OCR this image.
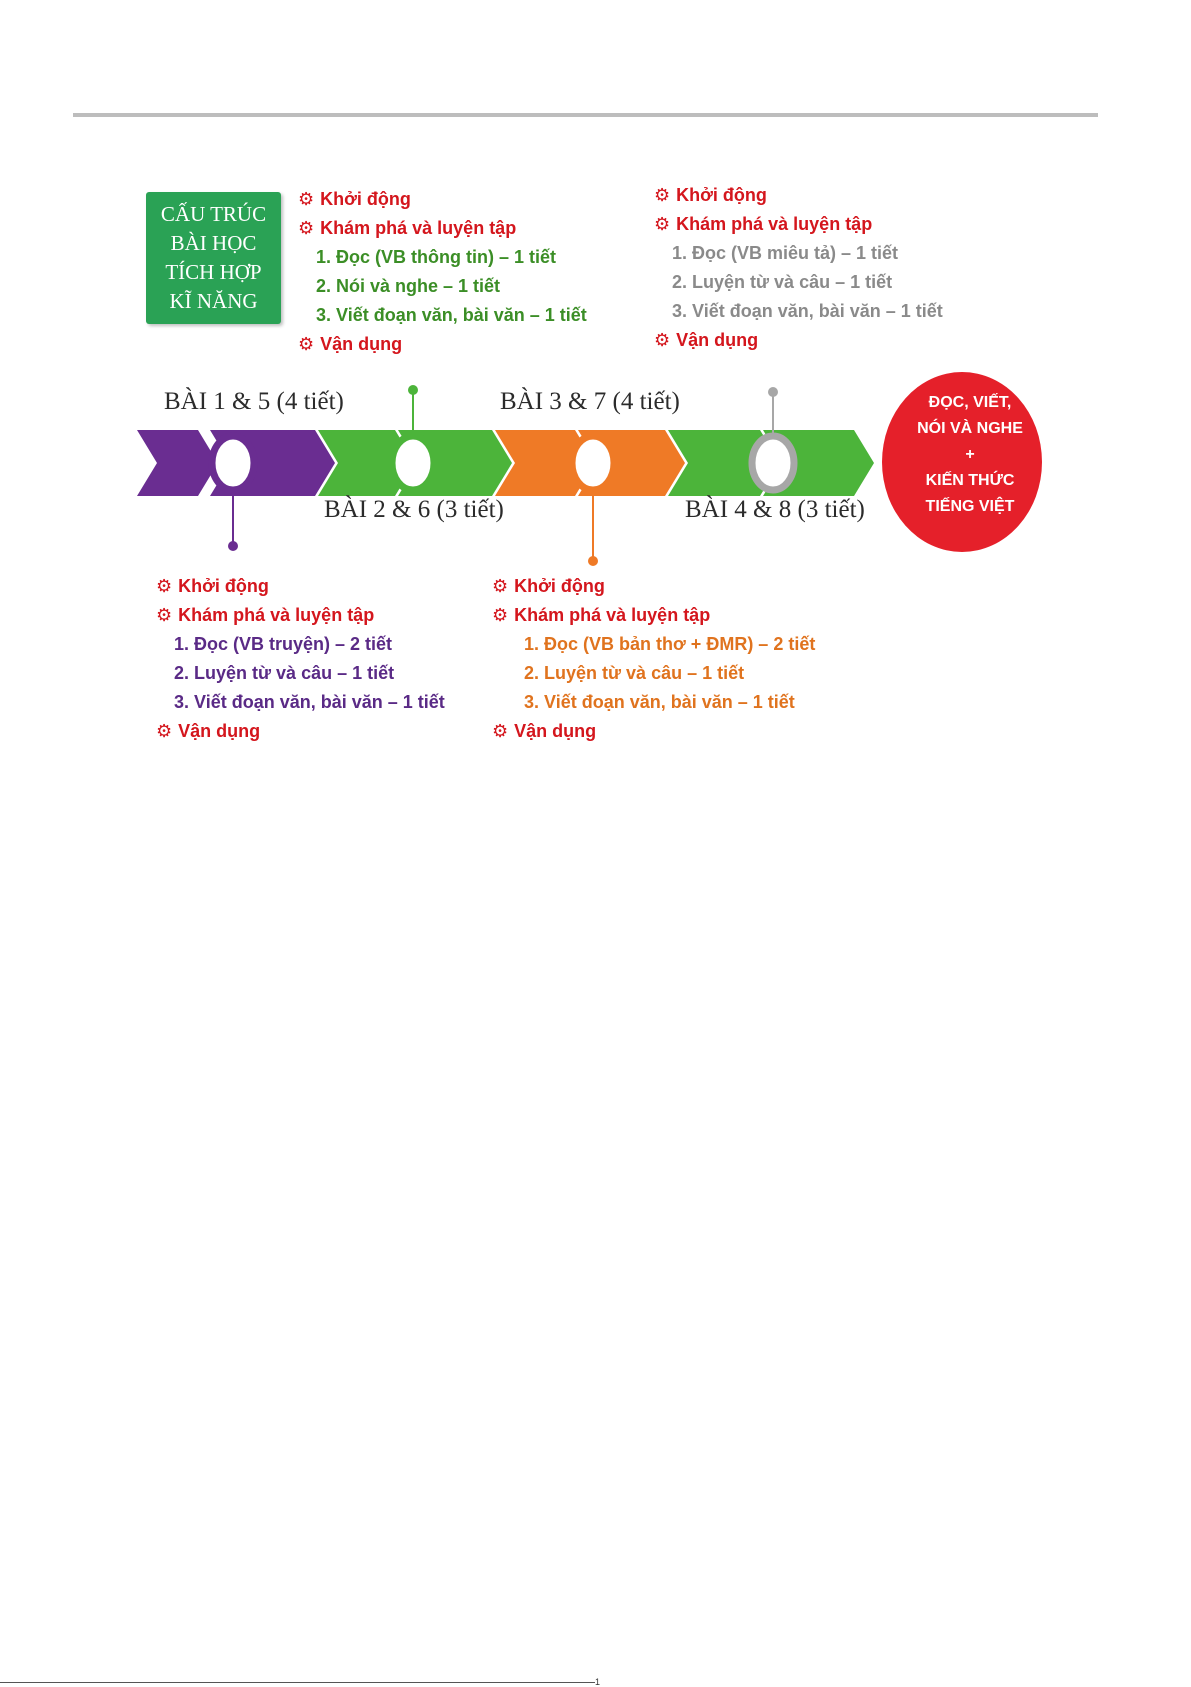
CẤU TRÚC
BÀI HỌC
TÍCH HỢP
KĨ NĂNG
BÀI 1 & 5 (4 tiết)
BÀI 2 & 6 (3 tiết)
BÀI 3 & 7 (4 tiết)
BÀI 4 & 8 (3 tiết)
ĐỌC, VIẾT,
NÓI VÀ NGHE
+
KIẾN THỨC
TIẾNG VIỆT
⚙ Khởi động
⚙ Khám phá và luyện tập
1. Đọc (VB thông tin) – 1 tiết
2. Nói và nghe – 1 tiết
3. Viết đoạn văn, bài văn – 1 tiết
⚙ Vận dụng
⚙ Khởi động
⚙ Khám phá và luyện tập
1. Đọc (VB miêu tả) – 1 tiết
2. Luyện từ và câu – 1 tiết
3. Viết đoạn văn, bài văn – 1 tiết
⚙ Vận dụng
⚙ Khởi động
⚙ Khám phá và luyện tập
1. Đọc (VB truyện) – 2 tiết
2. Luyện từ và câu – 1 tiết
3. Viết đoạn văn, bài văn – 1 tiết
⚙ Vận dụng
⚙ Khởi động
⚙ Khám phá và luyện tập
1. Đọc (VB bản thơ + ĐMR) – 2 tiết
2. Luyện từ và câu – 1 tiết
3. Viết đoạn văn, bài văn – 1 tiết
⚙ Vận dụng
1
